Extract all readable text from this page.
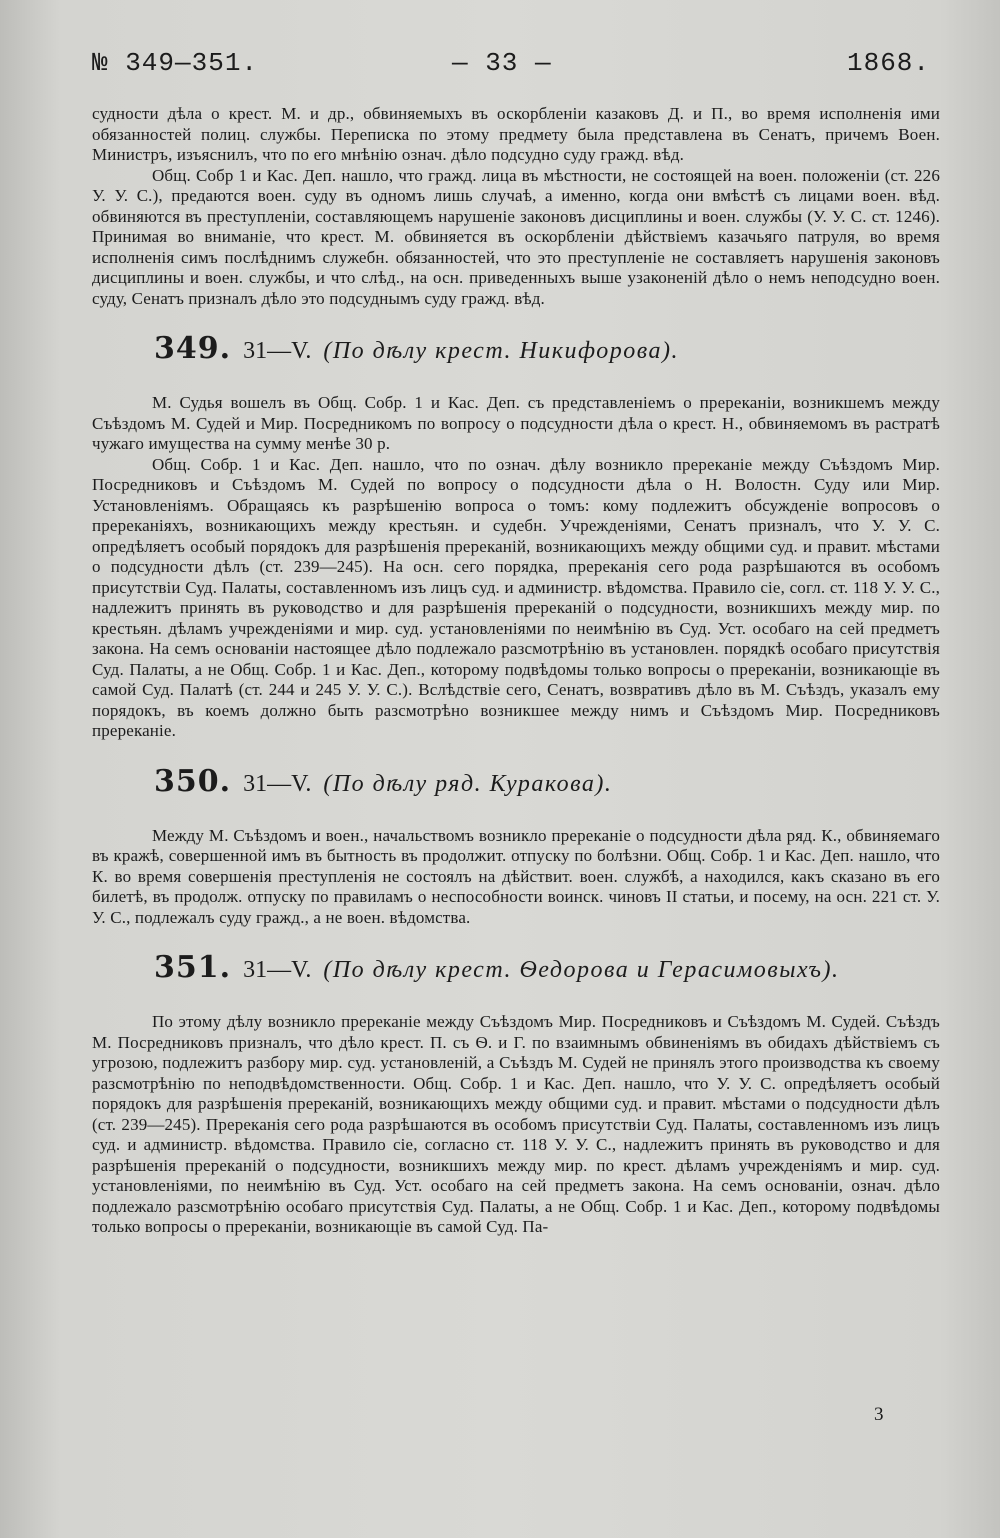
№ 349—351.	— 33 —	1868.

судности дѣла о крест. М. и др., обвиняемыхъ въ оскорбленіи казаковъ Д. и П., во время исполненія ими обязанностей полиц. службы. Переписка по этому предмету была представлена въ Сенатъ, причемъ Воен. Министръ, изъяснилъ, что по его мнѣнію означ. дѣло подсудно суду гражд. вѣд.

Общ. Собр 1 и Кас. Деп. нашло, что гражд. лица въ мѣстности, не состоящей на воен. положеніи (ст. 226 У. У. С.), предаются воен. суду въ одномъ лишь случаѣ, а именно, когда они вмѣстѣ съ лицами воен. вѣд. обвиняются въ преступленіи, составляющемъ нарушеніе законовъ дисциплины и воен. службы (У. У. С. ст. 1246). Принимая во вниманіе, что крест. М. обвиняется въ оскорбленіи дѣйствіемъ казачьяго патруля, во время исполненія симъ послѣднимъ служебн. обязанностей, что это преступленіе не составляетъ нарушенія законовъ дисциплины и воен. службы, и что слѣд., на осн. приведенныхъ выше узаконеній дѣло о немъ неподсудно воен. суду, Сенатъ призналъ дѣло это подсуднымъ суду гражд. вѣд.

349. 31—V. (По дѣлу крест. Никифорова).

М. Судья вошелъ въ Общ. Собр. 1 и Кас. Деп. съ представленіемъ о пререканіи, возникшемъ между Съѣздомъ М. Судей и Мир. Посредникомъ по вопросу о подсудности дѣла о крест. Н., обвиняемомъ въ растратѣ чужаго имущества на сумму менѣе 30 р.

Общ. Собр. 1 и Кас. Деп. нашло, что по означ. дѣлу возникло пререканіе между Съѣздомъ Мир. Посредниковъ и Съѣздомъ М. Судей по вопросу о подсудности дѣла о Н. Волостн. Суду или Мир. Установленіямъ. Обращаясь къ разрѣшенію вопроса о томъ: кому подлежитъ обсужденіе вопросовъ о пререканіяхъ, возникающихъ между крестьян. и судебн. Учрежденіями, Сенатъ призналъ, что У. У. С. опредѣляетъ особый порядокъ для разрѣшенія пререканій, возникающихъ между общими суд. и правит. мѣстами о подсудности дѣлъ (ст. 239—245). На осн. сего порядка, пререканія сего рода разрѣшаются въ особомъ присутствіи Суд. Палаты, составленномъ изъ лицъ суд. и администр. вѣдомства. Правило сіе, согл. ст. 118 У. У. С., надлежитъ принять въ руководство и для разрѣшенія пререканій о подсудности, возникшихъ между мир. по крестьян. дѣламъ учрежденіями и мир. суд. установленіями по неимѣнію въ Суд. Уст. особаго на сей предметъ закона. На семъ основаніи настоящее дѣло подлежало разсмотрѣнію въ установлен. порядкѣ особаго присутствія Суд. Палаты, а не Общ. Собр. 1 и Кас. Деп., которому подвѣдомы только вопросы о пререканіи, возникающіе въ самой Суд. Палатѣ (ст. 244 и 245 У. У. С.). Вслѣдствіе сего, Сенатъ, возвративъ дѣло въ М. Съѣздъ, указалъ ему порядокъ, въ коемъ должно быть разсмотрѣно возникшее между нимъ и Съѣздомъ Мир. Посредниковъ пререканіе.

350. 31—V. (По дѣлу ряд. Куракова).

Между М. Съѣздомъ и воен., начальствомъ возникло пререканіе о подсудности дѣла ряд. К., обвиняемаго въ кражѣ, совершенной имъ въ бытность въ продолжит. отпуску по болѣзни. Общ. Собр. 1 и Кас. Деп. нашло, что К. во время совершенія преступленія не состоялъ на дѣйствит. воен. службѣ, а находился, какъ сказано въ его билетѣ, въ продолж. отпуску по правиламъ о неспособности воинск. чиновъ II статьи, и посему, на осн. 221 ст. У. У. С., подлежалъ суду гражд., а не воен. вѣдомства.

351. 31—V. (По дѣлу крест. Ѳедорова и Герасимовыхъ).

По этому дѣлу возникло пререканіе между Съѣздомъ Мир. Посредниковъ и Съѣздомъ М. Судей. Съѣздъ М. Посредниковъ призналъ, что дѣло крест. П. съ Ѳ. и Г. по взаимнымъ обвиненіямъ въ обидахъ дѣйствіемъ съ угрозою, подлежитъ разбору мир. суд. установленій, а Съѣздъ М. Судей не принялъ этого производства къ своему разсмотрѣнію по неподвѣдомственности. Общ. Собр. 1 и Кас. Деп. нашло, что У. У. С. опредѣляетъ особый порядокъ для разрѣшенія пререканій, возникающихъ между общими суд. и правит. мѣстами о подсудности дѣлъ (ст. 239—245). Пререканія сего рода разрѣшаются въ особомъ присутствіи Суд. Палаты, составленномъ изъ лицъ суд. и администр. вѣдомства. Правило сіе, согласно ст. 118 У. У. С., надлежитъ принять въ руководство и для разрѣшенія пререканій о подсудности, возникшихъ между мир. по крест. дѣламъ учрежденіямъ и мир. суд. установленіями, по неимѣнію въ Суд. Уст. особаго на сей предметъ закона. На семъ основаніи, означ. дѣло подлежало разсмотрѣнію особаго присутствія Суд. Палаты, а не Общ. Собр. 1 и Кас. Деп., которому подвѣдомы только вопросы о пререканіи, возникающіе въ самой Суд. Па-

3
